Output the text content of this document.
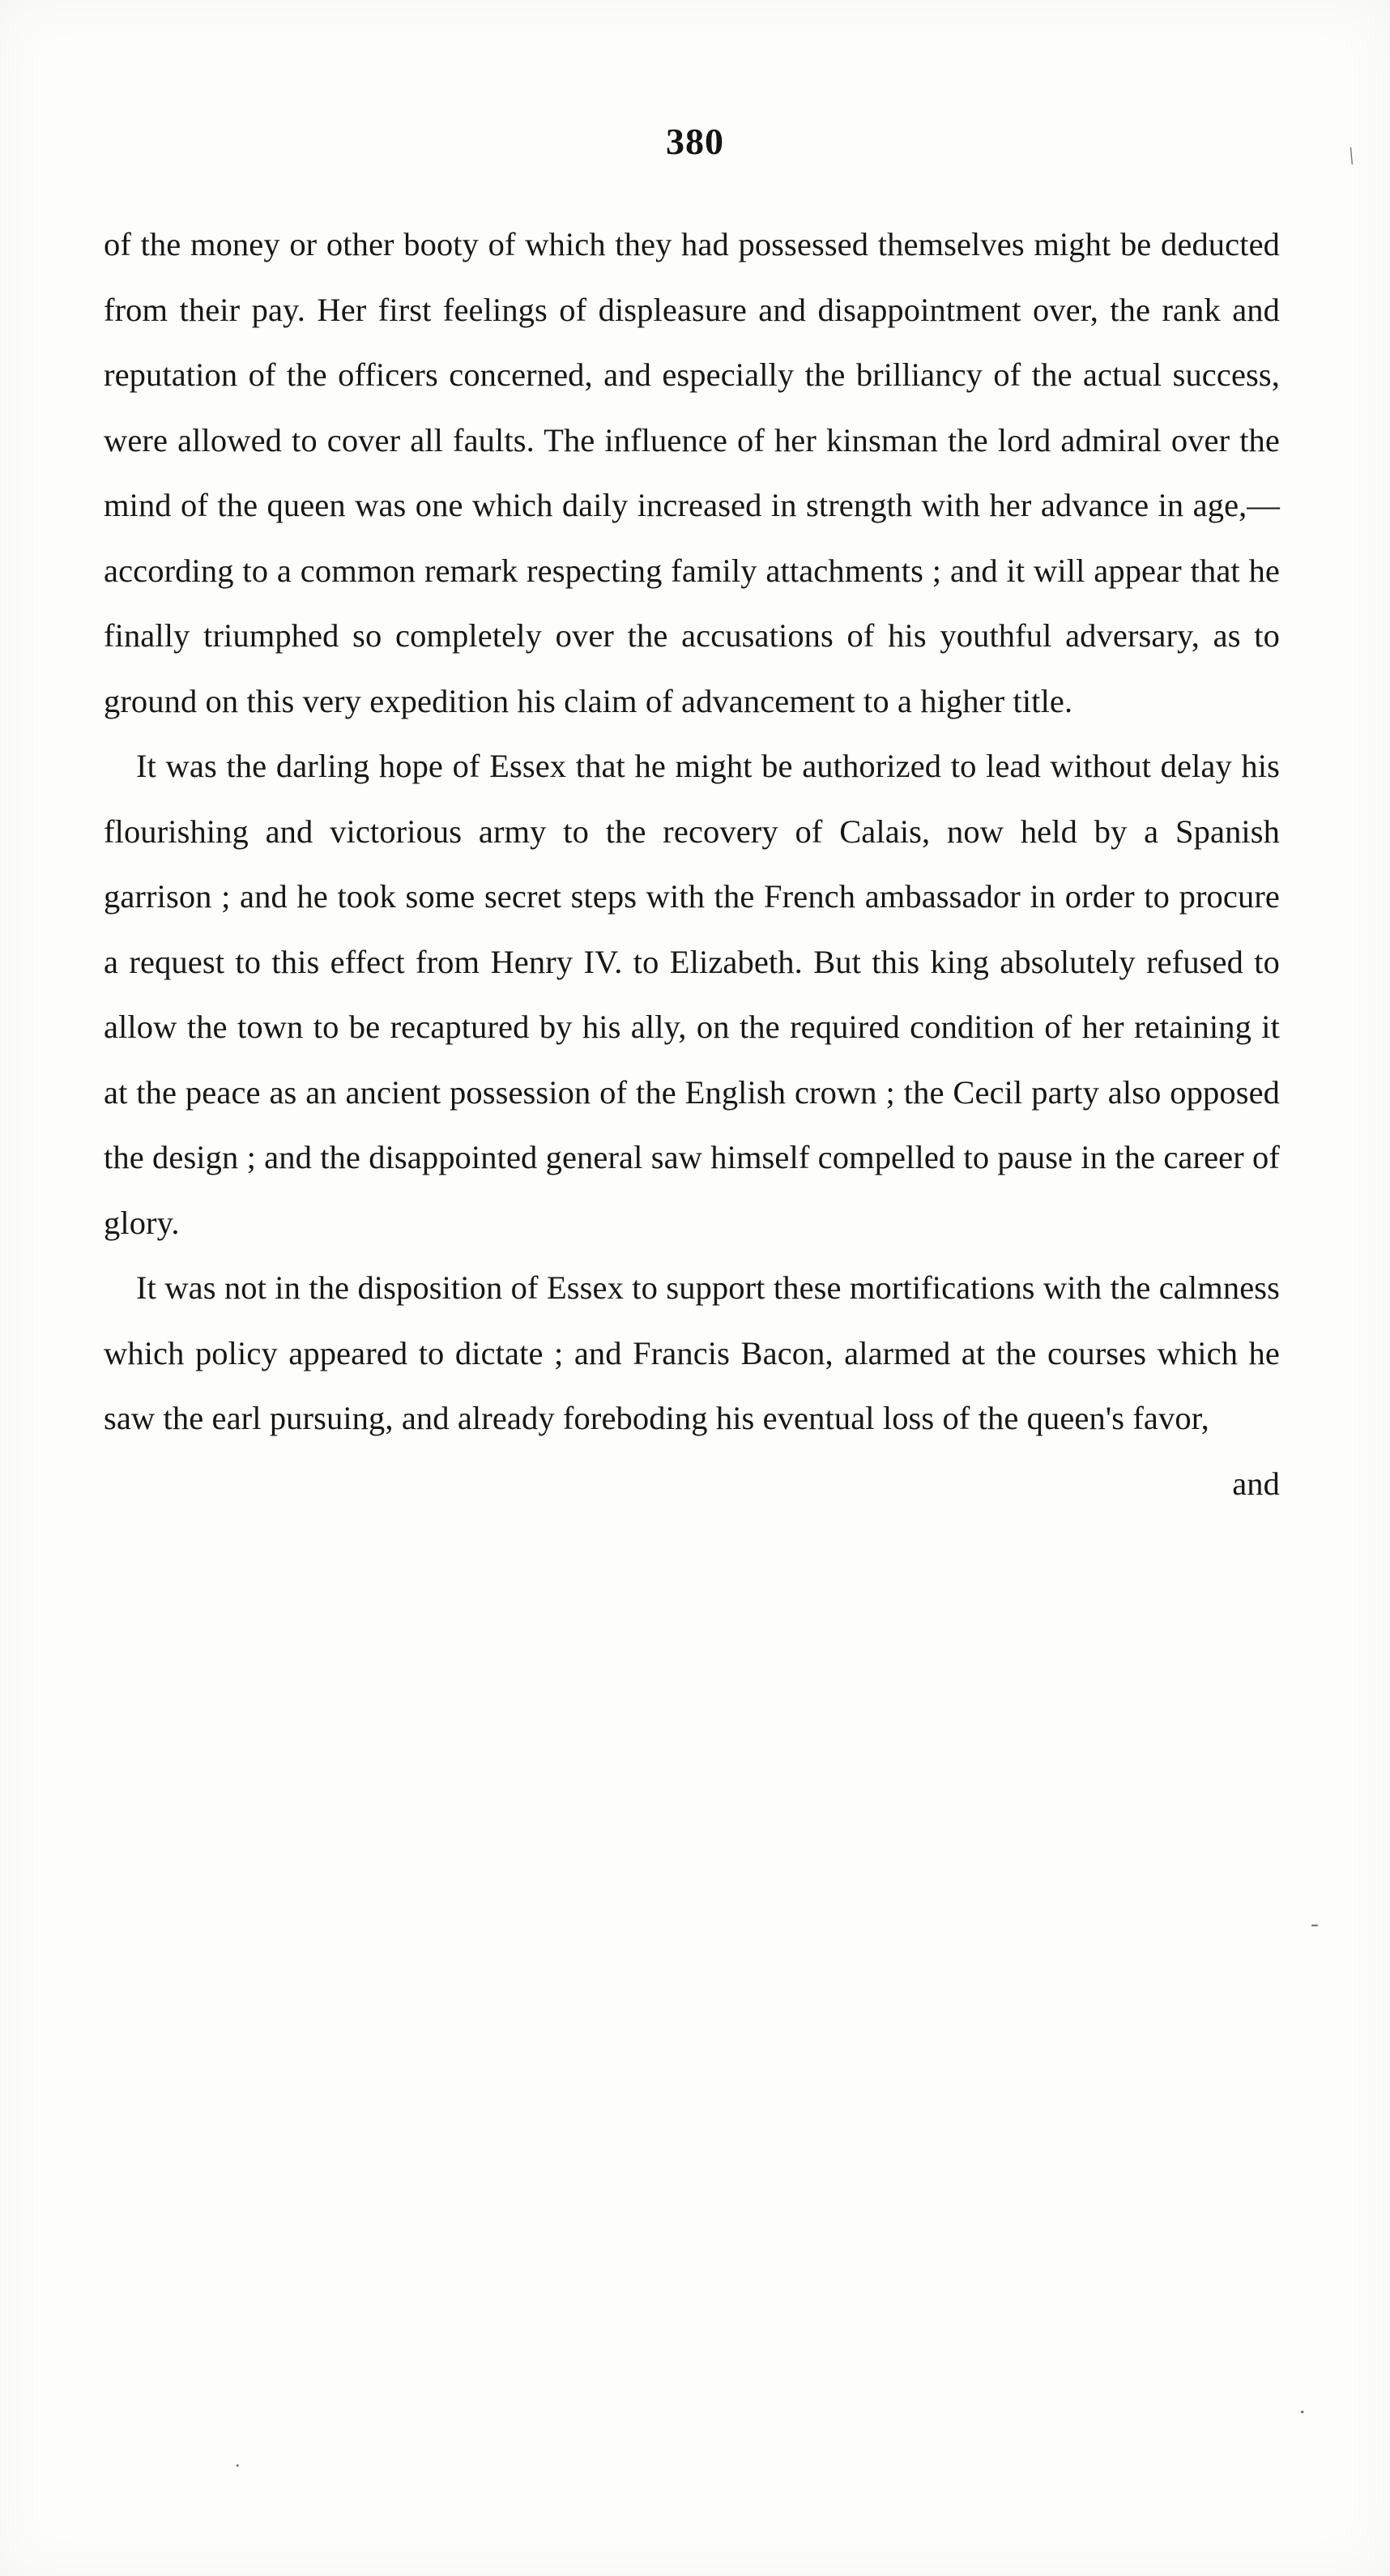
380

of the money or other booty of which they had possessed themselves might be deducted from their pay. Her first feelings of displeasure and disappointment over, the rank and reputation of the officers concerned, and especially the brilliancy of the actual success, were allowed to cover all faults. The influence of her kinsman the lord admiral over the mind of the queen was one which daily increased in strength with her advance in age,—according to a common remark respecting family attachments ; and it will appear that he finally triumphed so completely over the accusations of his youthful adversary, as to ground on this very expedition his claim of advancement to a higher title.

It was the darling hope of Essex that he might be authorized to lead without delay his flourishing and victorious army to the recovery of Calais, now held by a Spanish garrison ; and he took some secret steps with the French ambassador in order to procure a request to this effect from Henry IV. to Elizabeth. But this king absolutely refused to allow the town to be recaptured by his ally, on the required condition of her retaining it at the peace as an ancient possession of the English crown ; the Cecil party also opposed the design ; and the disappointed general saw himself compelled to pause in the career of glory.

It was not in the disposition of Essex to support these mortifications with the calmness which policy appeared to dictate ; and Francis Bacon, alarmed at the courses which he saw the earl pursuing, and already foreboding his eventual loss of the queen's favor,

and

\
-
.
.
